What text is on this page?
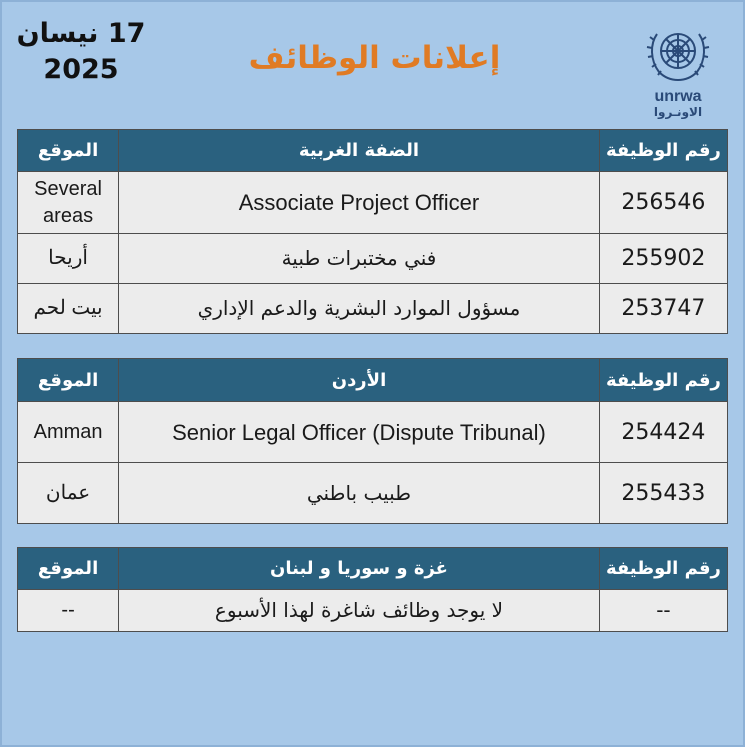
17 نيسان
2025	إعلانات الوظائف
unrwa
الاونـروا
الموقع	الضفة الغربية	رقم الوظيفة
Several areas	Associate Project Officer	256546
أريحا	فني مختبرات طبية	255902
بيت لحم	مسؤول الموارد البشرية والدعم الإداري	253747
الموقع	الأردن	رقم الوظيفة
Amman	Senior Legal Officer (Dispute Tribunal)	254424
عمان	طبيب باطني	255433
الموقع	غزة و سوريا و لبنان	رقم الوظيفة
--	لا يوجد وظائف شاغرة لهذا الأسبوع	--
